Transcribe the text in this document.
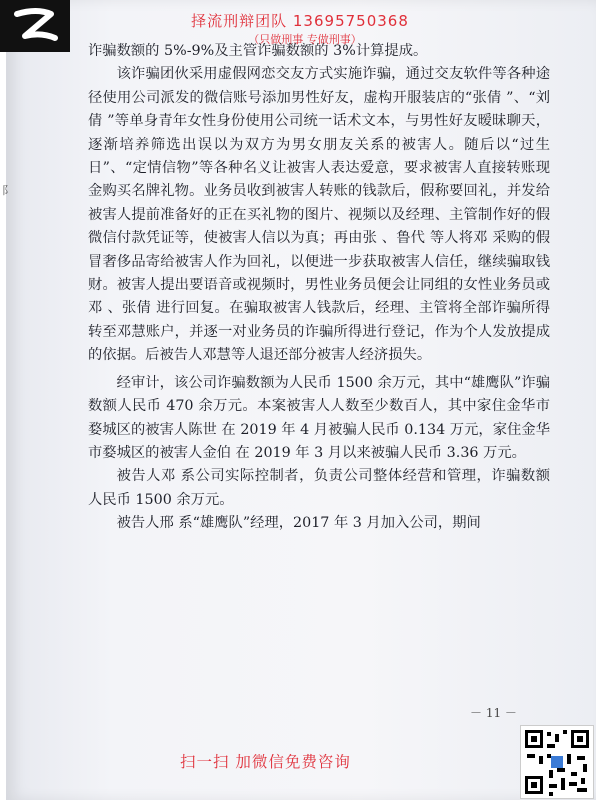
择流刑辩团队 13695750368
（只做刑事 专做刑事）
阝

诈骗数额的 5%-9%及主管诈骗数额的 3%计算提成。

该诈骗团伙采用虚假网恋交友方式实施诈骗，通过交友软件等各种途径使用公司派发的微信账号添加男性好友，虚构开服装店的“张倩 ”、“刘倩 ”等单身青年女性身份使用公司统一话术文本，与男性好友暧昧聊天，逐渐培养筛选出误以为双方为男女朋友关系的被害人。随后以“过生日”、“定情信物”等各种名义让被害人表达爱意，要求被害人直接转账现金购买名牌礼物。业务员收到被害人转账的钱款后，假称要回礼，并发给被害人提前准备好的正在买礼物的图片、视频以及经理、主管制作好的假微信付款凭证等，使被害人信以为真；再由张 、鲁代 等人将邓 采购的假冒奢侈品寄给被害人作为回礼，以便进一步获取被害人信任，继续骗取钱财。被害人提出要语音或视频时，男性业务员便会让同组的女性业务员或邓 、张倩 进行回复。在骗取被害人钱款后，经理、主管将全部诈骗所得转至邓慧账户，并逐一对业务员的诈骗所得进行登记，作为个人发放提成的依据。后被告人邓慧等人退还部分被害人经济损失。

经审计，该公司诈骗数额为人民币 1500 余万元，其中“雄鹰队”诈骗数额人民币 470 余万元。本案被害人人数至少数百人，其中家住金华市婺城区的被害人陈世 在 2019 年 4 月被骗人民币 0.134 万元，家住金华市婺城区的被害人金伯 在 2019 年 3 月以来被骗人民币 3.36 万元。

被告人邓 系公司实际控制者，负责公司整体经营和管理，诈骗数额人民币 1500 余万元。

被告人邢 系“雄鹰队”经理，2017 年 3 月加入公司，期间

－ 11 －
扫一扫 加微信免费咨询
